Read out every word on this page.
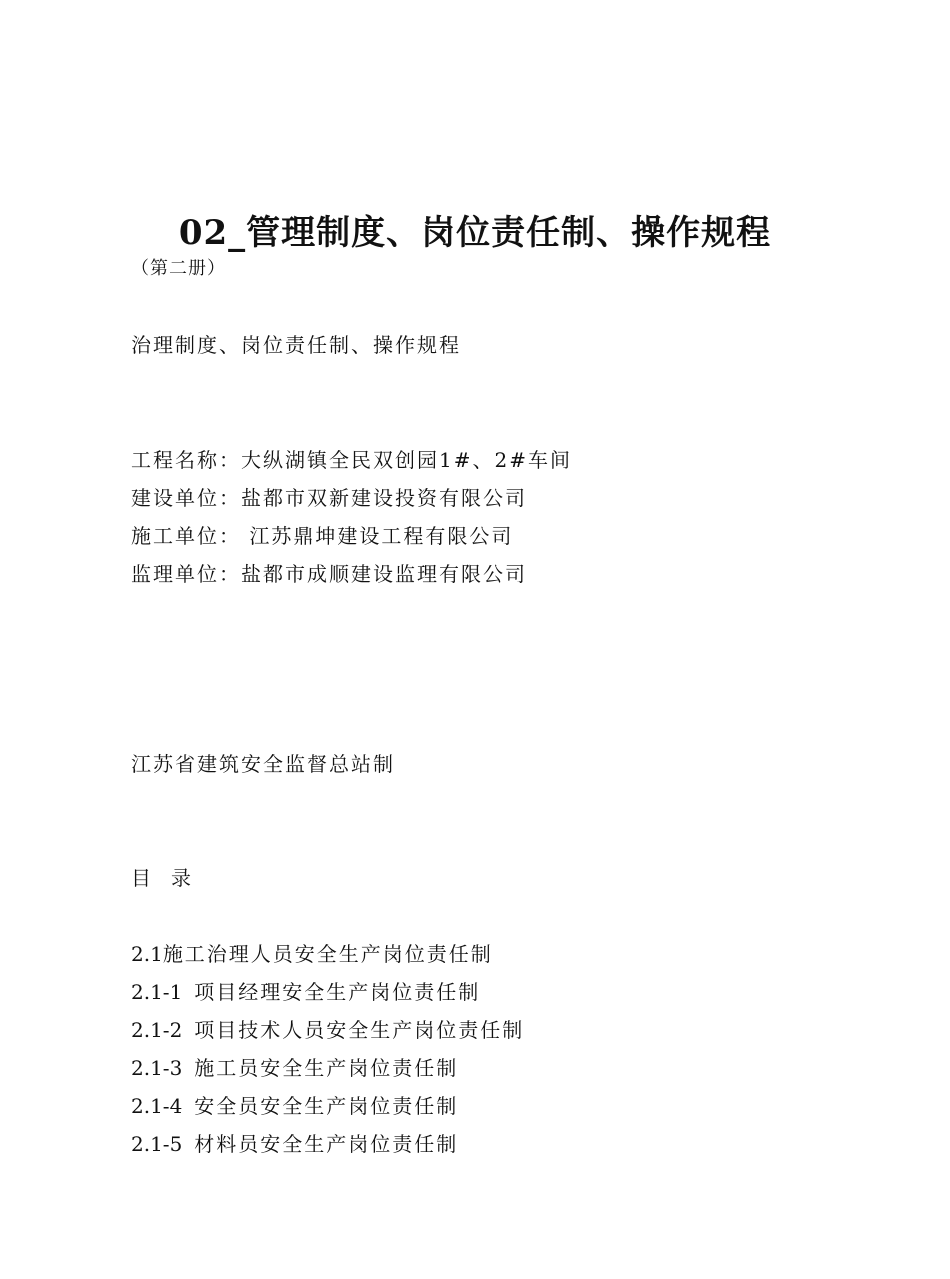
02_管理制度、岗位责任制、操作规程
（第二册）
治理制度、岗位责任制、操作规程
工程名称：大纵湖镇全民双创园1#、2#车间
建设单位：盐都市双新建设投资有限公司
施工单位： 江苏鼎坤建设工程有限公司
监理单位：盐都市成顺建设监理有限公司
江苏省建筑安全监督总站制
目 录
2.1施工治理人员安全生产岗位责任制
2.1-1 项目经理安全生产岗位责任制
2.1-2 项目技术人员安全生产岗位责任制
2.1-3 施工员安全生产岗位责任制
2.1-4 安全员安全生产岗位责任制
2.1-5 材料员安全生产岗位责任制
